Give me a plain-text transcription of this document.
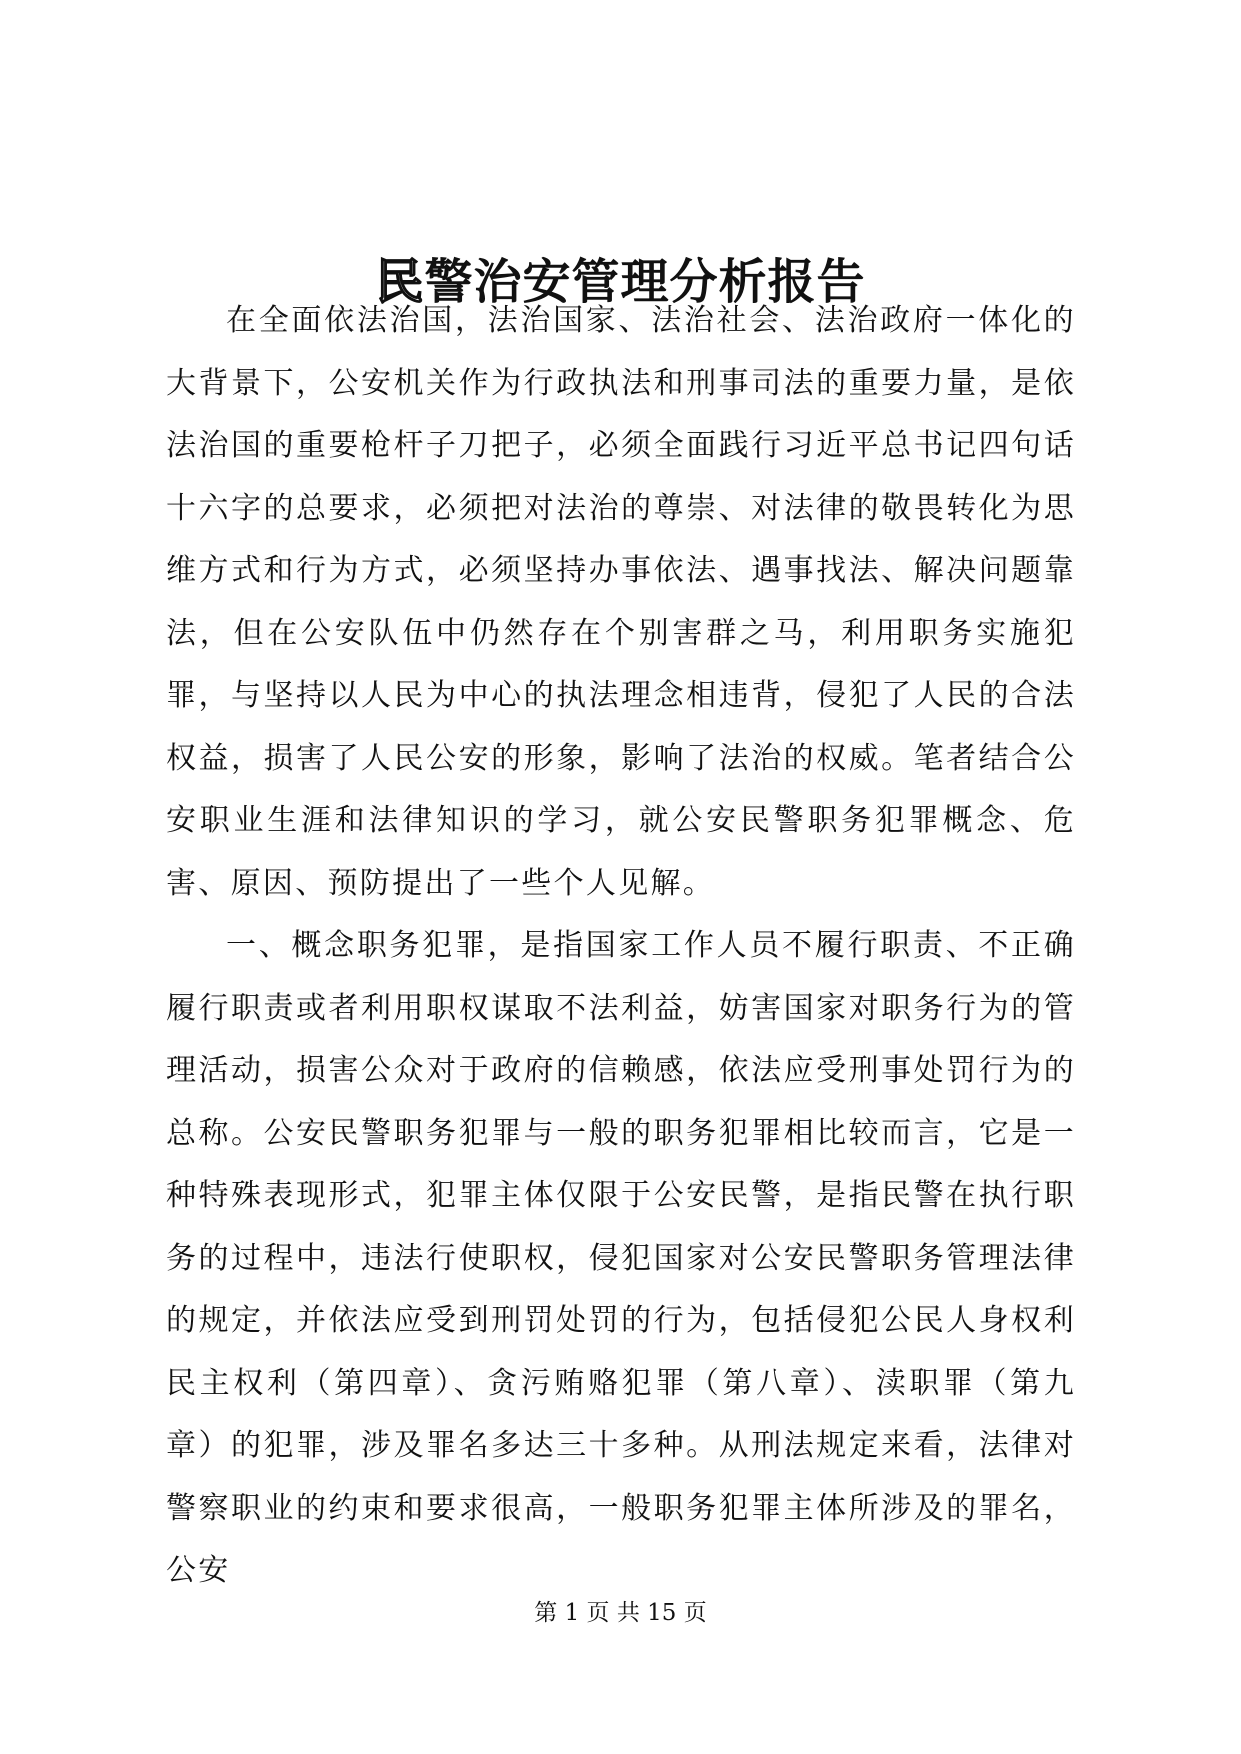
民警治安管理分析报告

在全面依法治国，法治国家、法治社会、法治政府一体化的大背景下，公安机关作为行政执法和刑事司法的重要力量，是依法治国的重要枪杆子刀把子，必须全面践行习近平总书记四句话十六字的总要求，必须把对法治的尊崇、对法律的敬畏转化为思维方式和行为方式，必须坚持办事依法、遇事找法、解决问题靠法，但在公安队伍中仍然存在个别害群之马，利用职务实施犯罪，与坚持以人民为中心的执法理念相违背，侵犯了人民的合法权益，损害了人民公安的形象，影响了法治的权威。笔者结合公安职业生涯和法律知识的学习，就公安民警职务犯罪概念、危害、原因、预防提出了一些个人见解。

一、概念职务犯罪，是指国家工作人员不履行职责、不正确履行职责或者利用职权谋取不法利益，妨害国家对职务行为的管理活动，损害公众对于政府的信赖感，依法应受刑事处罚行为的总称。公安民警职务犯罪与一般的职务犯罪相比较而言，它是一种特殊表现形式，犯罪主体仅限于公安民警，是指民警在执行职务的过程中，违法行使职权，侵犯国家对公安民警职务管理法律的规定，并依法应受到刑罚处罚的行为，包括侵犯公民人身权利民主权利（第四章）、贪污贿赂犯罪（第八章）、渎职罪（第九章）的犯罪，涉及罪名多达三十多种。从刑法规定来看，法律对警察职业的约束和要求很高，一般职务犯罪主体所涉及的罪名，公安

第 1 页 共 15 页
